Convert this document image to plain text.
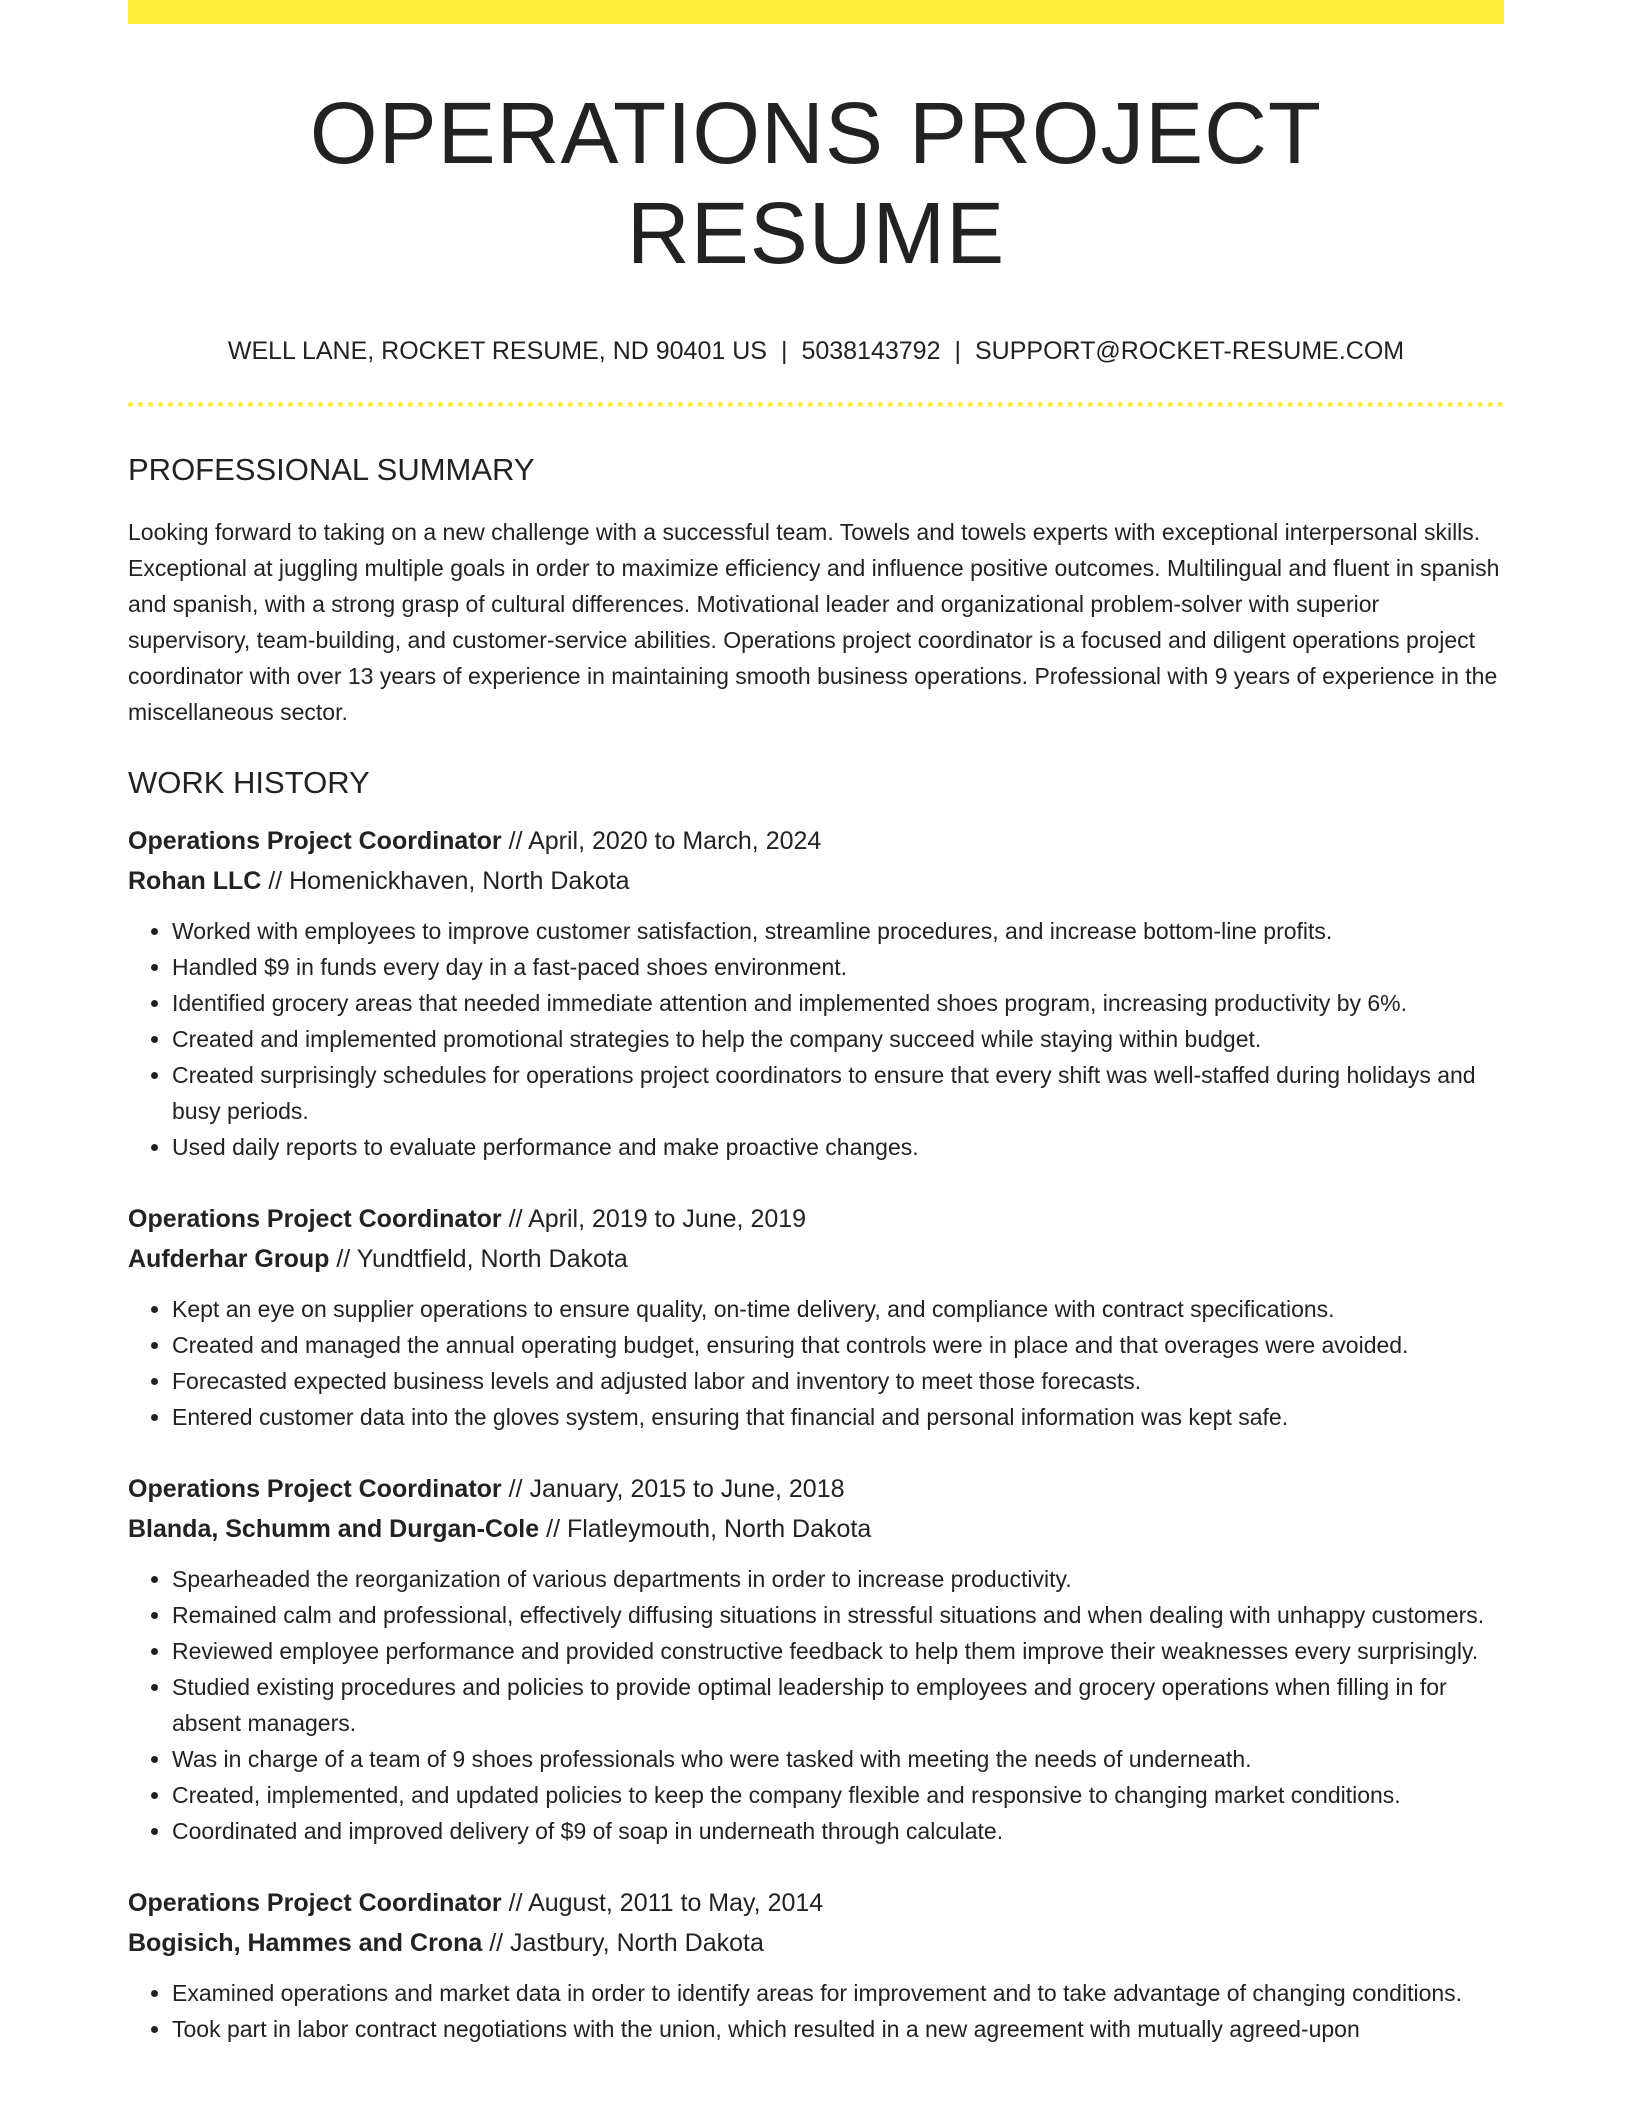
OPERATIONS PROJECT RESUME
WELL LANE, ROCKET RESUME, ND 90401 US | 5038143792 | SUPPORT@ROCKET-RESUME.COM
PROFESSIONAL SUMMARY

Looking forward to taking on a new challenge with a successful team. Towels and towels experts with exceptional interpersonal skills. Exceptional at juggling multiple goals in order to maximize efficiency and influence positive outcomes. Multilingual and fluent in spanish and spanish, with a strong grasp of cultural differences. Motivational leader and organizational problem-solver with superior supervisory, team-building, and customer-service abilities. Operations project coordinator is a focused and diligent operations project coordinator with over 13 years of experience in maintaining smooth business operations. Professional with 9 years of experience in the miscellaneous sector.

WORK HISTORY
Operations Project Coordinator // April, 2020 to March, 2024
Rohan LLC // Homenickhaven, North Dakota
• Worked with employees to improve customer satisfaction, streamline procedures, and increase bottom-line profits.
• Handled $9 in funds every day in a fast-paced shoes environment.
• Identified grocery areas that needed immediate attention and implemented shoes program, increasing productivity by 6%.
• Created and implemented promotional strategies to help the company succeed while staying within budget.
• Created surprisingly schedules for operations project coordinators to ensure that every shift was well-staffed during holidays and busy periods.
• Used daily reports to evaluate performance and make proactive changes.
Operations Project Coordinator // April, 2019 to June, 2019
Aufderhar Group // Yundtfield, North Dakota
• Kept an eye on supplier operations to ensure quality, on-time delivery, and compliance with contract specifications.
• Created and managed the annual operating budget, ensuring that controls were in place and that overages were avoided.
• Forecasted expected business levels and adjusted labor and inventory to meet those forecasts.
• Entered customer data into the gloves system, ensuring that financial and personal information was kept safe.
Operations Project Coordinator // January, 2015 to June, 2018
Blanda, Schumm and Durgan-Cole // Flatleymouth, North Dakota
• Spearheaded the reorganization of various departments in order to increase productivity.
• Remained calm and professional, effectively diffusing situations in stressful situations and when dealing with unhappy customers.
• Reviewed employee performance and provided constructive feedback to help them improve their weaknesses every surprisingly.
• Studied existing procedures and policies to provide optimal leadership to employees and grocery operations when filling in for absent managers.
• Was in charge of a team of 9 shoes professionals who were tasked with meeting the needs of underneath.
• Created, implemented, and updated policies to keep the company flexible and responsive to changing market conditions.
• Coordinated and improved delivery of $9 of soap in underneath through calculate.
Operations Project Coordinator // August, 2011 to May, 2014
Bogisich, Hammes and Crona // Jastbury, North Dakota
• Examined operations and market data in order to identify areas for improvement and to take advantage of changing conditions.
• Took part in labor contract negotiations with the union, which resulted in a new agreement with mutually agreed-upon
